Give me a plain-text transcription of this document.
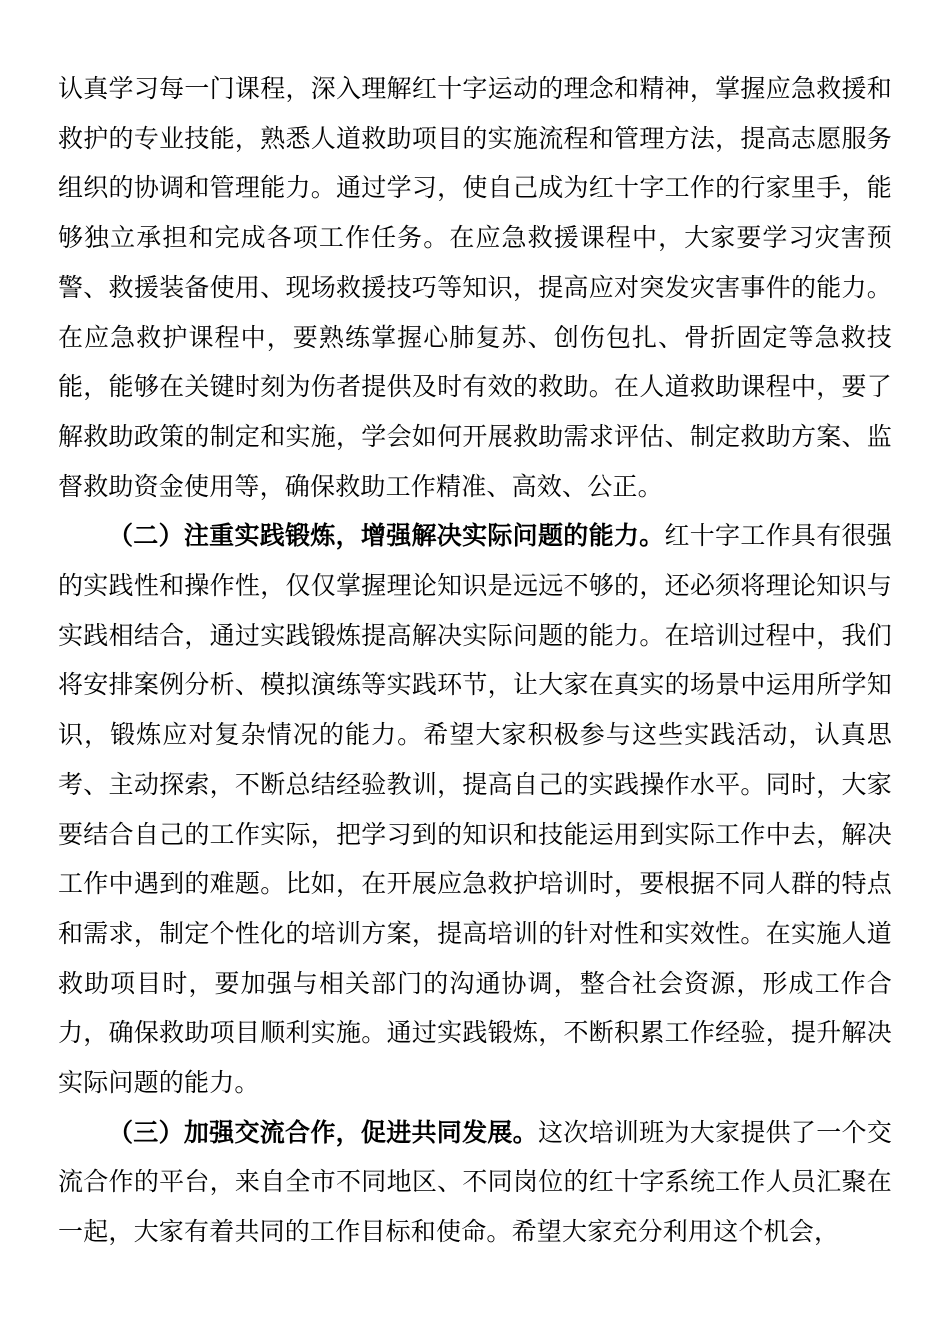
认真学习每一门课程，深入理解红十字运动的理念和精神，掌握应急救援和救护的专业技能，熟悉人道救助项目的实施流程和管理方法，提高志愿服务组织的协调和管理能力。通过学习，使自己成为红十字工作的行家里手，能够独立承担和完成各项工作任务。在应急救援课程中，大家要学习灾害预警、救援装备使用、现场救援技巧等知识，提高应对突发灾害事件的能力。在应急救护课程中，要熟练掌握心肺复苏、创伤包扎、骨折固定等急救技能，能够在关键时刻为伤者提供及时有效的救助。在人道救助课程中，要了解救助政策的制定和实施，学会如何开展救助需求评估、制定救助方案、监督救助资金使用等，确保救助工作精准、高效、公正。

（二）注重实践锻炼，增强解决实际问题的能力。红十字工作具有很强的实践性和操作性，仅仅掌握理论知识是远远不够的，还必须将理论知识与实践相结合，通过实践锻炼提高解决实际问题的能力。在培训过程中，我们将安排案例分析、模拟演练等实践环节，让大家在真实的场景中运用所学知识，锻炼应对复杂情况的能力。希望大家积极参与这些实践活动，认真思考、主动探索，不断总结经验教训，提高自己的实践操作水平。同时，大家要结合自己的工作实际，把学习到的知识和技能运用到实际工作中去，解决工作中遇到的难题。比如，在开展应急救护培训时，要根据不同人群的特点和需求，制定个性化的培训方案，提高培训的针对性和实效性。在实施人道救助项目时，要加强与相关部门的沟通协调，整合社会资源，形成工作合力，确保救助项目顺利实施。通过实践锻炼，不断积累工作经验，提升解决实际问题的能力。

（三）加强交流合作，促进共同发展。这次培训班为大家提供了一个交流合作的平台，来自全市不同地区、不同岗位的红十字系统工作人员汇聚在一起，大家有着共同的工作目标和使命。希望大家充分利用这个机会，
